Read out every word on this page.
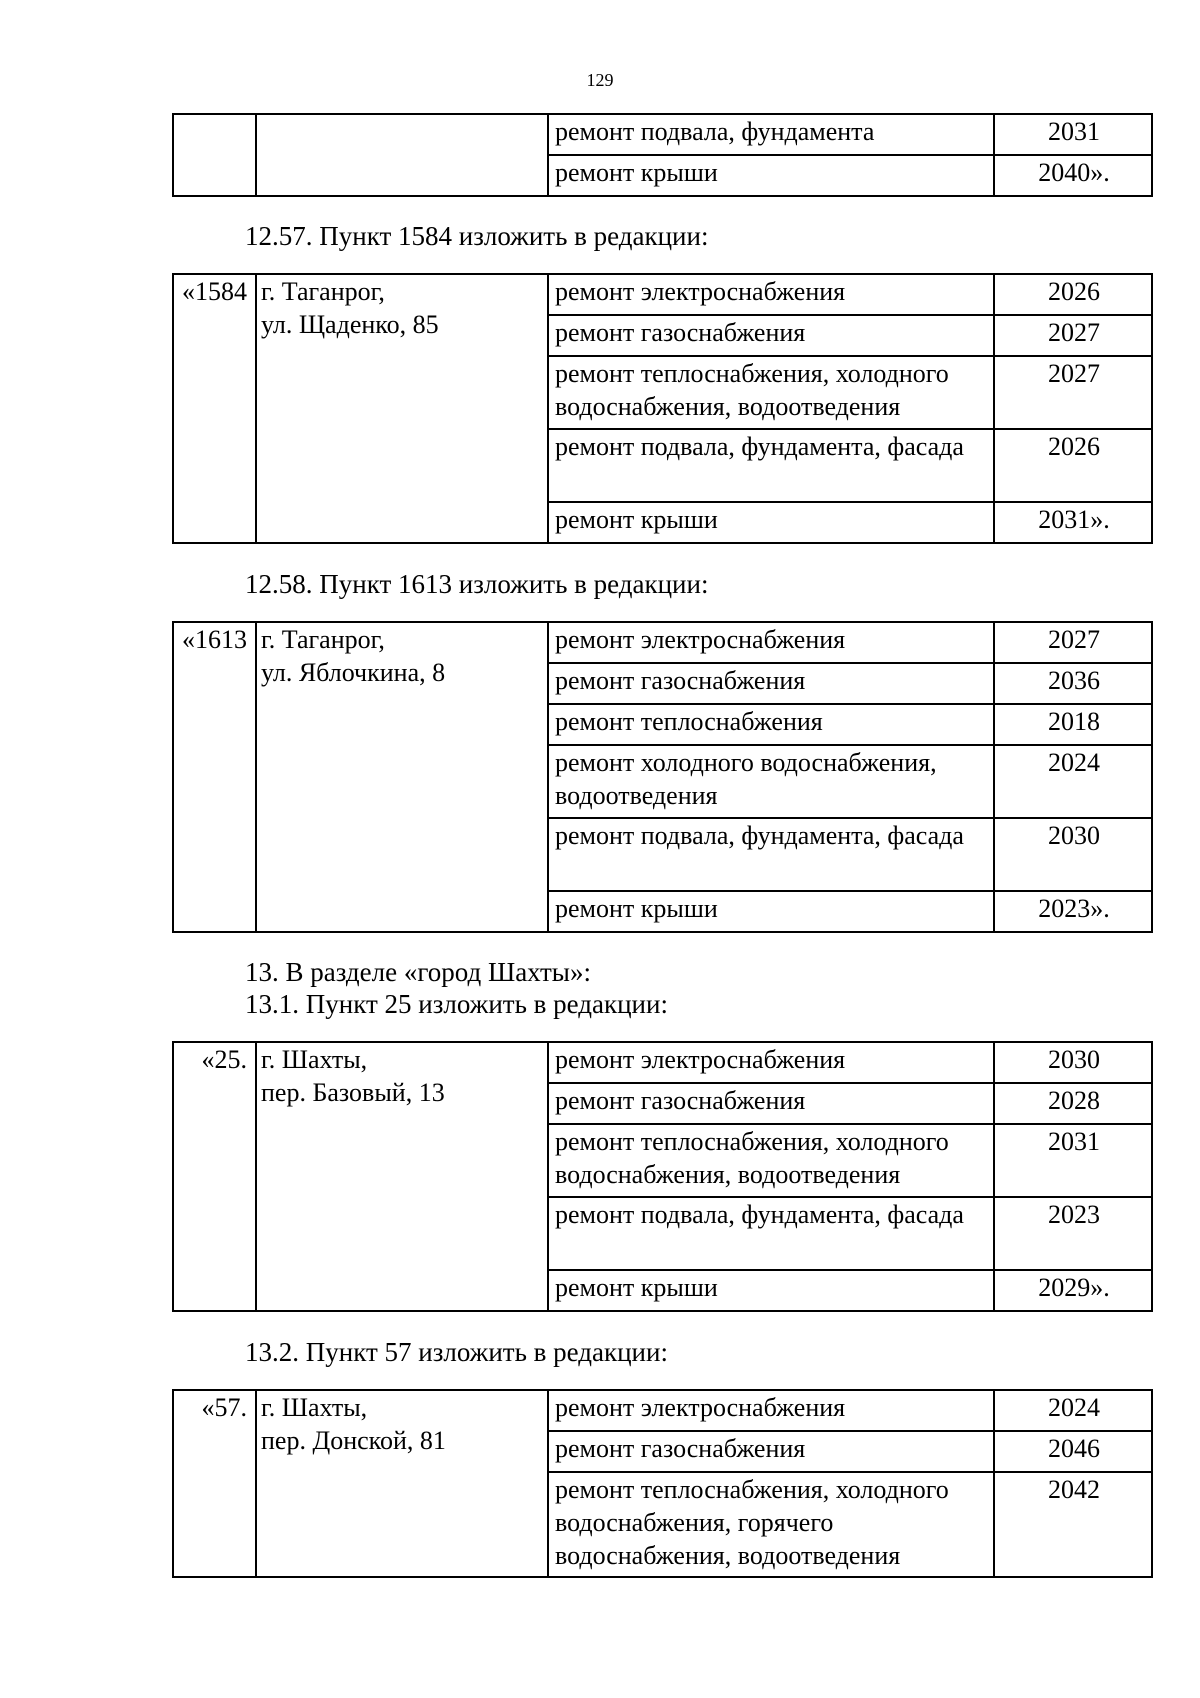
129
		ремонт подвала, фундамента	2031
		ремонт крыши	2040».
12.57. Пункт 1584 изложить в редакции:
«1584	г. Таганрог,
ул. Щаденко, 85	ремонт электроснабжения	2026
		ремонт газоснабжения	2027
		ремонт теплоснабжения, холодного водоснабжения, водоотведения	2027
		ремонт подвала, фундамента, фасада	2026
		ремонт крыши	2031».
12.58. Пункт 1613 изложить в редакции:
«1613	г. Таганрог,
ул. Яблочкина, 8	ремонт электроснабжения	2027
		ремонт газоснабжения	2036
		ремонт теплоснабжения	2018
		ремонт холодного водоснабжения, водоотведения	2024
		ремонт подвала, фундамента, фасада	2030
		ремонт крыши	2023».
13. В разделе «город Шахты»:
13.1. Пункт 25 изложить в редакции:
«25.	г. Шахты,
пер. Базовый, 13	ремонт электроснабжения	2030
		ремонт газоснабжения	2028
		ремонт теплоснабжения, холодного водоснабжения, водоотведения	2031
		ремонт подвала, фундамента, фасада	2023
		ремонт крыши	2029».
13.2. Пункт 57 изложить в редакции:
«57.	г. Шахты,
пер. Донской, 81	ремонт электроснабжения	2024
		ремонт газоснабжения	2046
		ремонт теплоснабжения, холодного водоснабжения, горячего водоснабжения, водоотведения	2042
